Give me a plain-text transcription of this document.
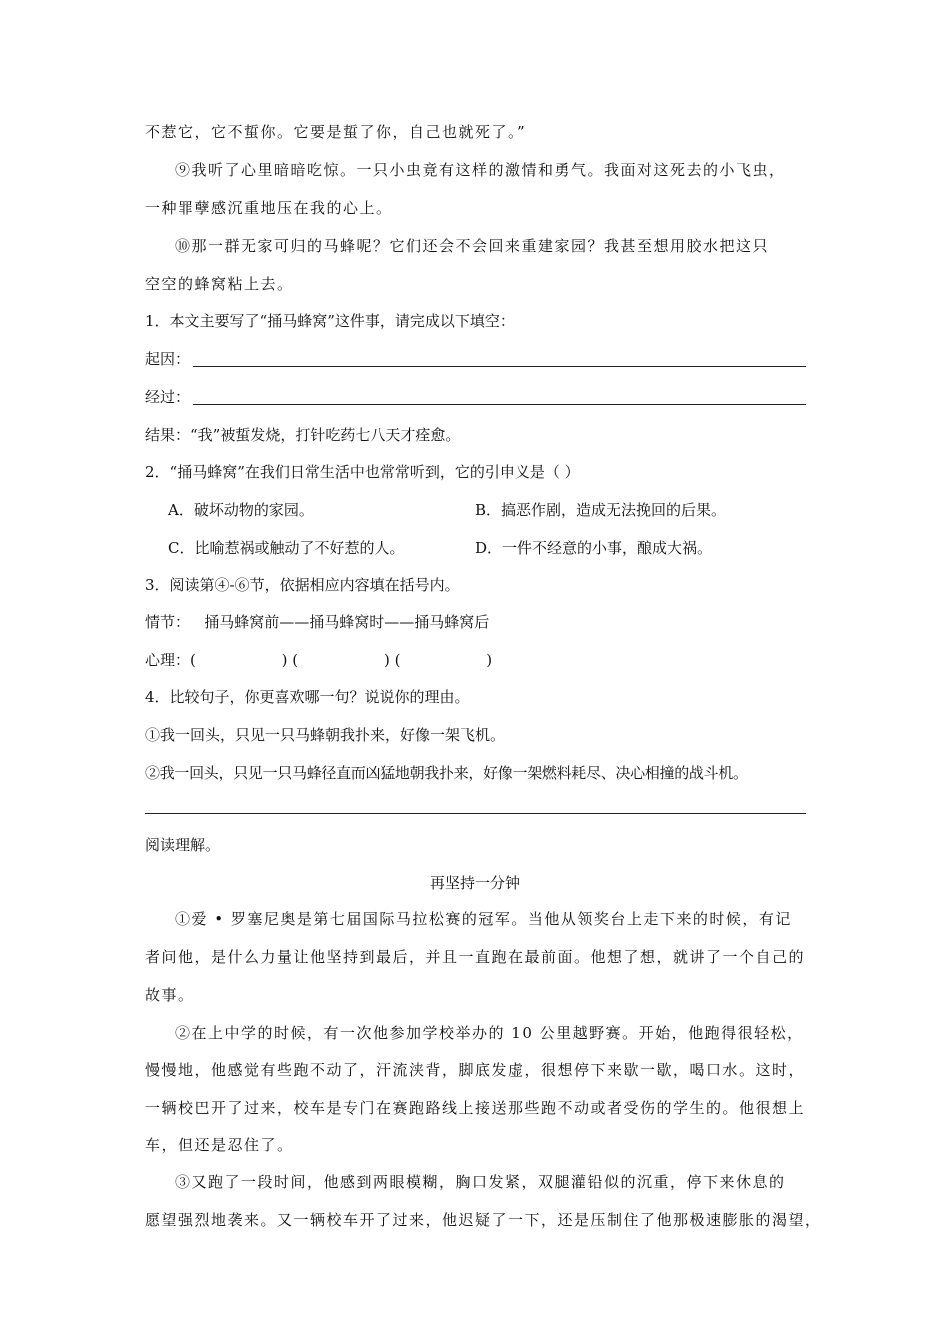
不惹它，它不蜇你。它要是蜇了你，自己也就死了。”
⑨我听了心里暗暗吃惊。一只小虫竟有这样的激情和勇气。我面对这死去的小飞虫，
一种罪孽感沉重地压在我的心上。
⑩那一群无家可归的马蜂呢？它们还会不会回来重建家园？我甚至想用胶水把这只
空空的蜂窝粘上去。
1．本文主要写了“捅马蜂窝”这件事，请完成以下填空：
起因：
经过：
结果：“我”被蜇发烧，打针吃药七八天才痊愈。
2．“捅马蜂窝”在我们日常生活中也常常听到，它的引申义是（ ）
A．破坏动物的家园。	B．搞恶作剧，造成无法挽回的后果。
C．比喻惹祸或触动了不好惹的人。	D．一件不经意的小事，酿成大祸。
3．阅读第④-⑥节，依据相应内容填在括号内。
情节：   捅马蜂窝前——捅马蜂窝时——捅马蜂窝后
心理：(                  ) (                  ) (                  )
4．比较句子，你更喜欢哪一句？说说你的理由。
①我一回头，只见一只马蜂朝我扑来，好像一架飞机。
②我一回头，只见一只马蜂径直而凶猛地朝我扑来，好像一架燃料耗尽、决心相撞的战斗机。
阅读理解。
再坚持一分钟
①爱 • 罗塞尼奥是第七届国际马拉松赛的冠军。当他从领奖台上走下来的时候，有记
者问他，是什么力量让他坚持到最后，并且一直跑在最前面。他想了想，就讲了一个自己的
故事。
②在上中学的时候，有一次他参加学校举办的 10 公里越野赛。开始，他跑得很轻松，
慢慢地，他感觉有些跑不动了，汗流浃背，脚底发虚，很想停下来歇一歇，喝口水。这时，
一辆校巴开了过来，校车是专门在赛跑路线上接送那些跑不动或者受伤的学生的。他很想上
车，但还是忍住了。
③又跑了一段时间，他感到两眼模糊，胸口发紧，双腿灌铅似的沉重，停下来休息的
愿望强烈地袭来。又一辆校车开了过来，他迟疑了一下，还是压制住了他那极速膨胀的渴望，
